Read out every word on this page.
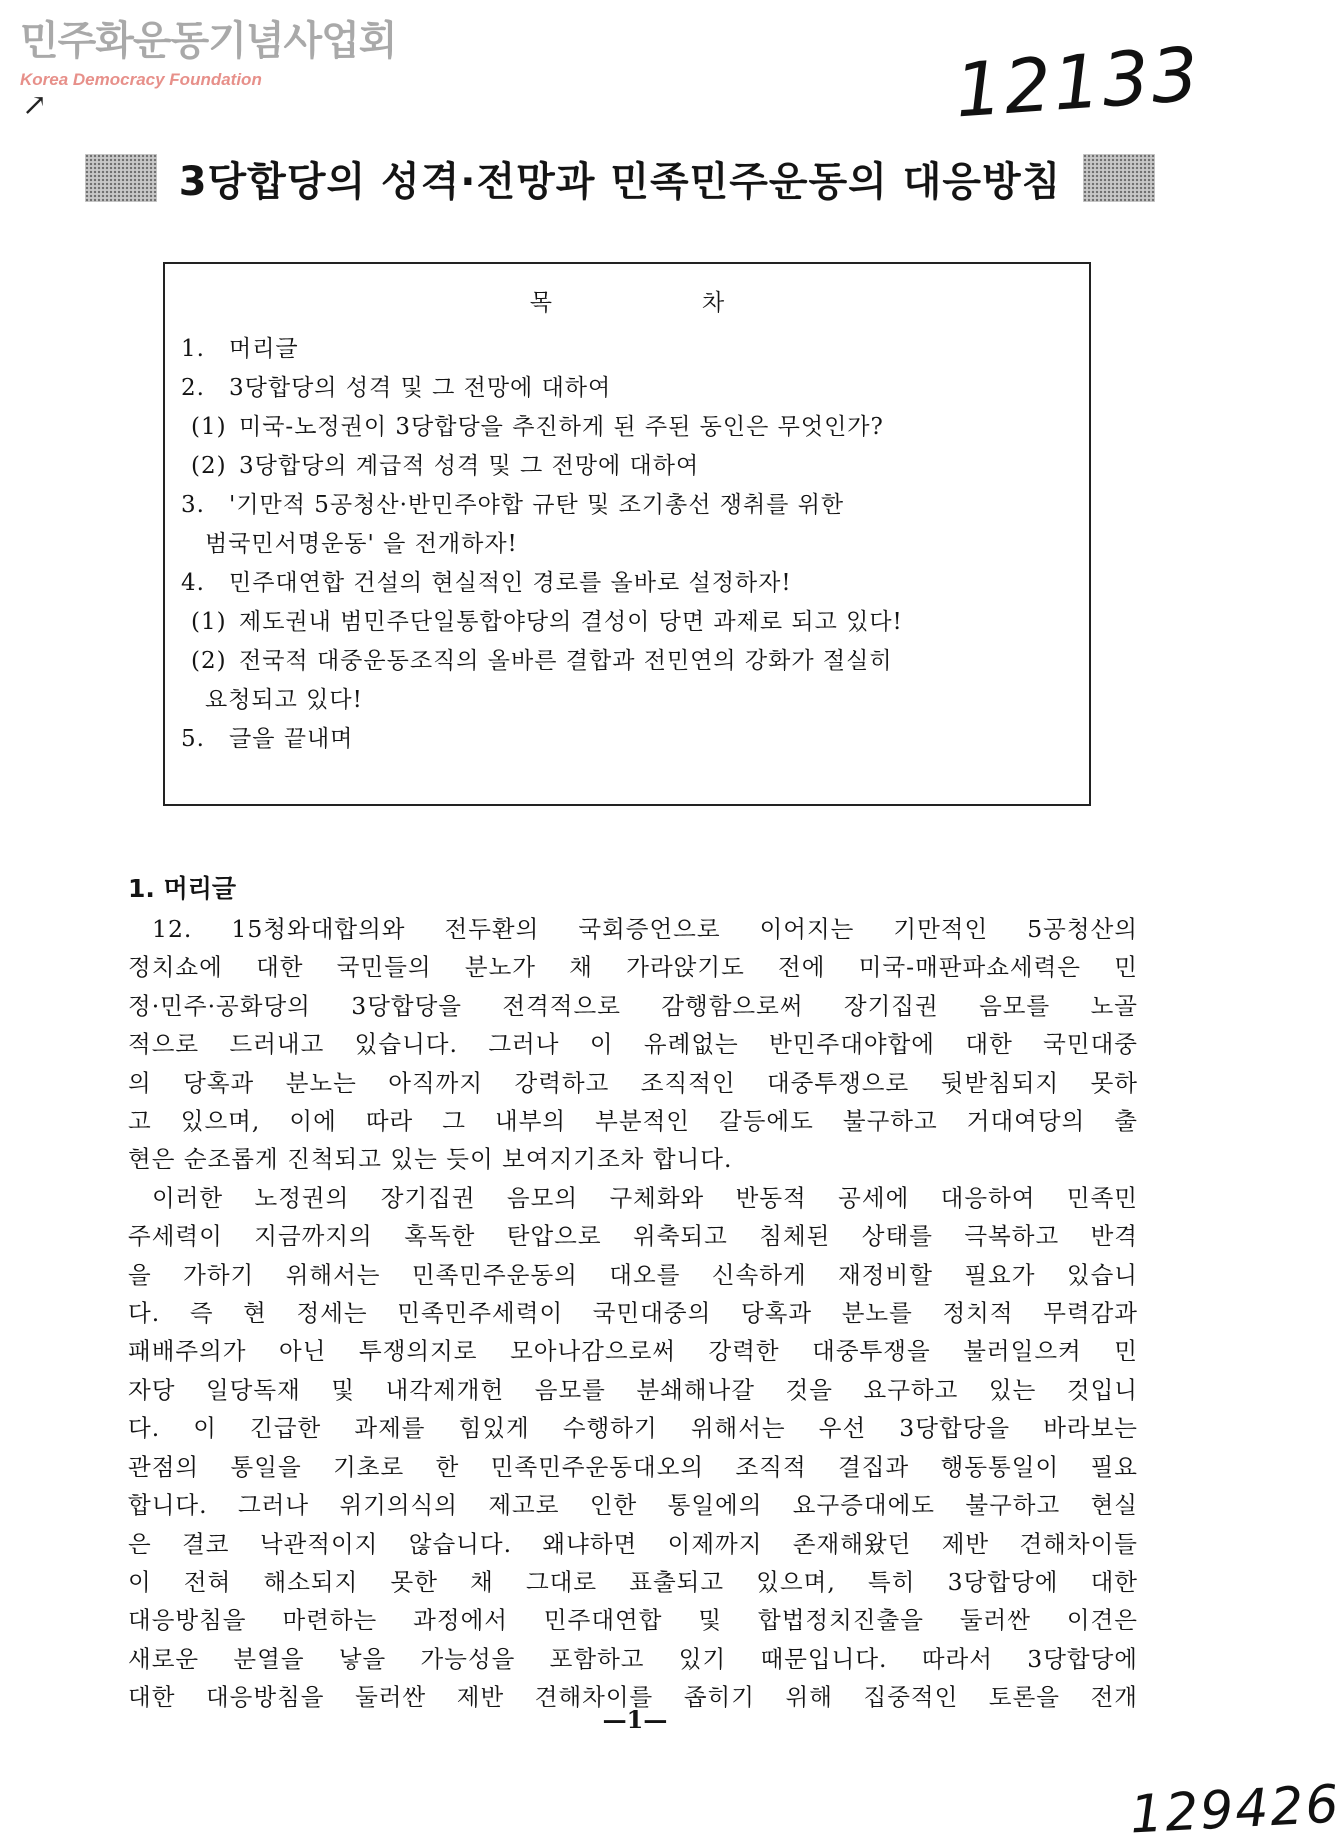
민주화운동기념사업회
Korea Democracy Foundation
↗	12133
3당합당의 성격·전망과 민족민주운동의 대응방침
목	차
1. 머리글
2. 3당합당의 성격 및 그 전망에 대하여
(1) 미국-노정권이 3당합당을 추진하게 된 주된 동인은 무엇인가?
(2) 3당합당의 계급적 성격 및 그 전망에 대하여
3. '기만적 5공청산·반민주야합 규탄 및 조기총선 쟁취를 위한
범국민서명운동' 을 전개하자!
4. 민주대연합 건설의 현실적인 경로를 올바로 설정하자!
(1) 제도권내 범민주단일통합야당의 결성이 당면 과제로 되고 있다!
(2) 전국적 대중운동조직의 올바른 결합과 전민연의 강화가 절실히
요청되고 있다!
5. 글을 끝내며
1. 머리글
12. 15청와대합의와 전두환의 국회증언으로 이어지는 기만적인 5공청산의
정치쇼에 대한 국민들의 분노가 채 가라앉기도 전에 미국-매판파쇼세력은 민
정·민주·공화당의 3당합당을 전격적으로 감행함으로써 장기집권 음모를 노골
적으로 드러내고 있습니다. 그러나 이 유례없는 반민주대야합에 대한 국민대중
의 당혹과 분노는 아직까지 강력하고 조직적인 대중투쟁으로 뒷받침되지 못하
고 있으며, 이에 따라 그 내부의 부분적인 갈등에도 불구하고 거대여당의 출
현은 순조롭게 진척되고 있는 듯이 보여지기조차 합니다.
이러한 노정권의 장기집권 음모의 구체화와 반동적 공세에 대응하여 민족민
주세력이 지금까지의 혹독한 탄압으로 위축되고 침체된 상태를 극복하고 반격
을 가하기 위해서는 민족민주운동의 대오를 신속하게 재정비할 필요가 있습니
다. 즉 현 정세는 민족민주세력이 국민대중의 당혹과 분노를 정치적 무력감과
패배주의가 아닌 투쟁의지로 모아나감으로써 강력한 대중투쟁을 불러일으켜 민
자당 일당독재 및 내각제개헌 음모를 분쇄해나갈 것을 요구하고 있는 것입니
다. 이 긴급한 과제를 힘있게 수행하기 위해서는 우선 3당합당을 바라보는
관점의 통일을 기초로 한 민족민주운동대오의 조직적 결집과 행동통일이 필요
합니다. 그러나 위기의식의 제고로 인한 통일에의 요구증대에도 불구하고 현실
은 결코 낙관적이지 않습니다. 왜냐하면 이제까지 존재해왔던 제반 견해차이들
이 전혀 해소되지 못한 채 그대로 표출되고 있으며, 특히 3당합당에 대한
대응방침을 마련하는 과정에서 민주대연합 및 합법정치진출을 둘러싼 이견은
새로운 분열을 낳을 가능성을 포함하고 있기 때문입니다. 따라서 3당합당에
대한 대응방침을 둘러싼 제반 견해차이를 좁히기 위해 집중적인 토론을 전개
—1—
129426
